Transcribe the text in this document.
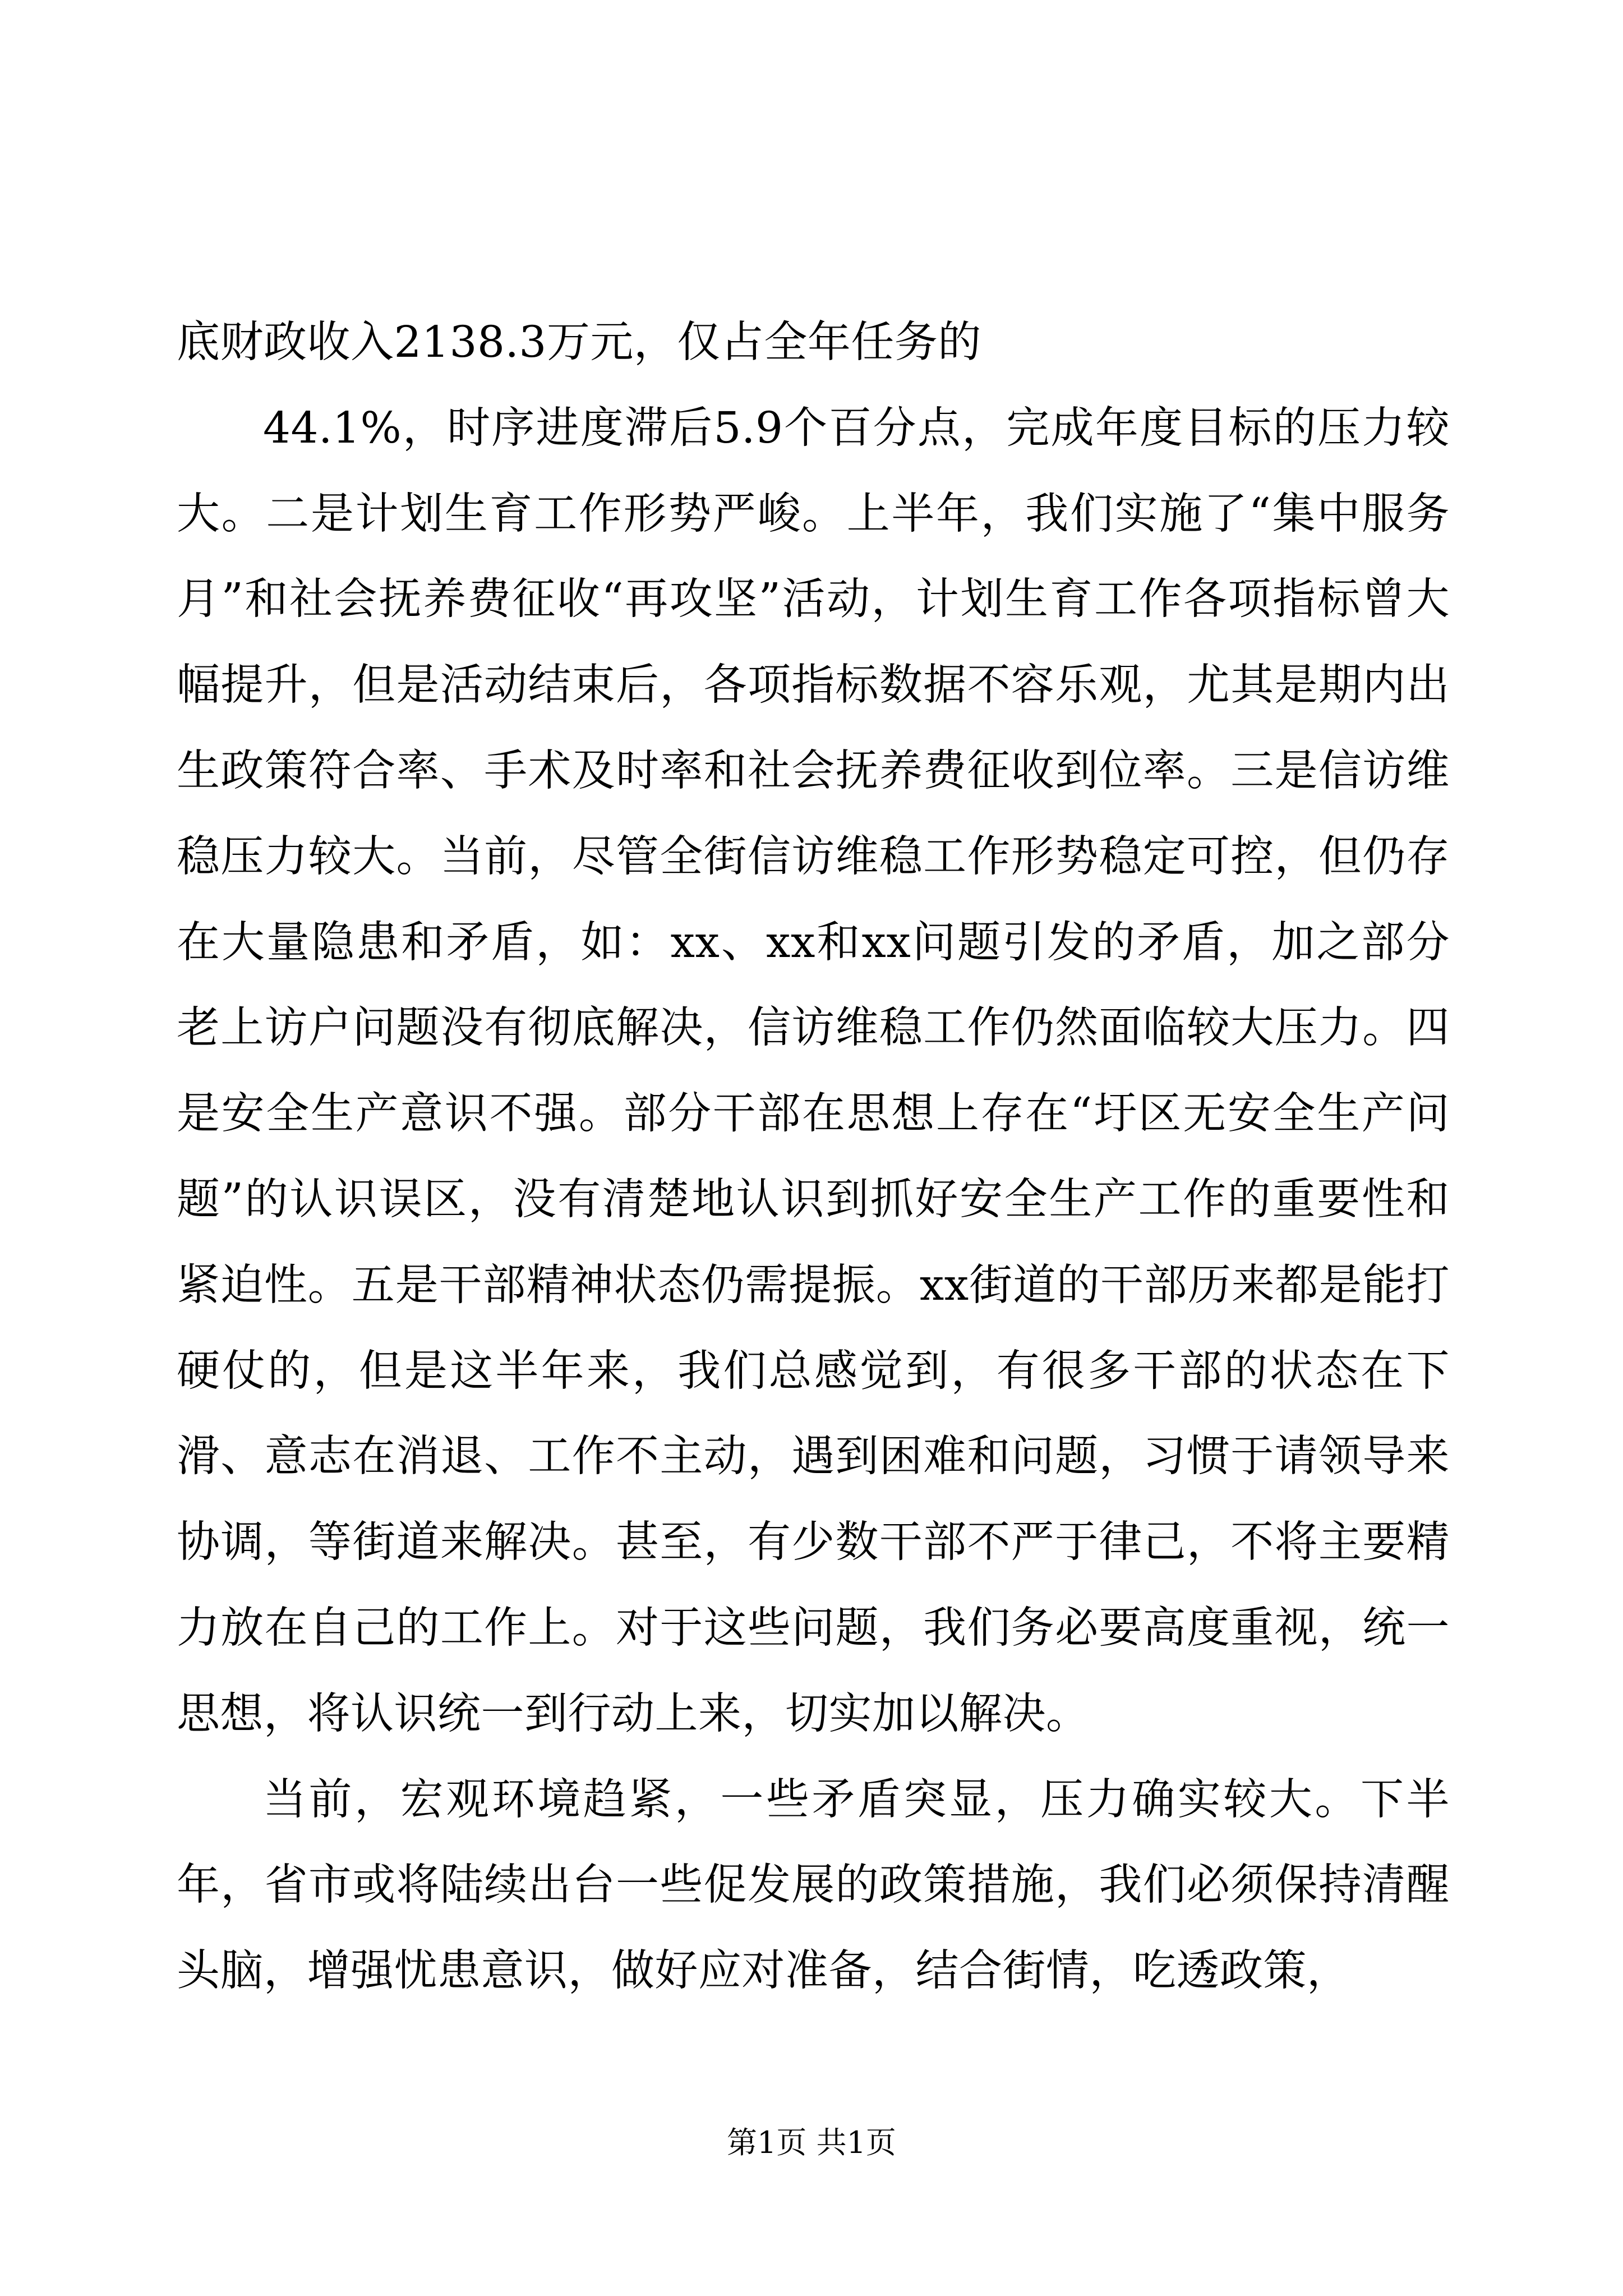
底财政收入2138.3万元，仅占全年任务的

44.1%，时序进度滞后5.9个百分点，完成年度目标的压力较大。二是计划生育工作形势严峻。上半年，我们实施了“集中服务月”和社会抚养费征收“再攻坚”活动，计划生育工作各项指标曾大幅提升，但是活动结束后，各项指标数据不容乐观，尤其是期内出生政策符合率、手术及时率和社会抚养费征收到位率。三是信访维稳压力较大。当前，尽管全街信访维稳工作形势稳定可控，但仍存在大量隐患和矛盾，如：xx、xx和xx问题引发的矛盾，加之部分老上访户问题没有彻底解决，信访维稳工作仍然面临较大压力。四是安全生产意识不强。部分干部在思想上存在“圩区无安全生产问题”的认识误区，没有清楚地认识到抓好安全生产工作的重要性和紧迫性。五是干部精神状态仍需提振。xx街道的干部历来都是能打硬仗的，但是这半年来，我们总感觉到，有很多干部的状态在下滑、意志在消退、工作不主动，遇到困难和问题，习惯于请领导来协调，等街道来解决。甚至，有少数干部不严于律己，不将主要精力放在自己的工作上。对于这些问题，我们务必要高度重视，统一思想，将认识统一到行动上来，切实加以解决。

当前，宏观环境趋紧，一些矛盾突显，压力确实较大。下半年，省市或将陆续出台一些促发展的政策措施，我们必须保持清醒头脑，增强忧患意识，做好应对准备，结合街情，吃透政策，

第1页 共1页
